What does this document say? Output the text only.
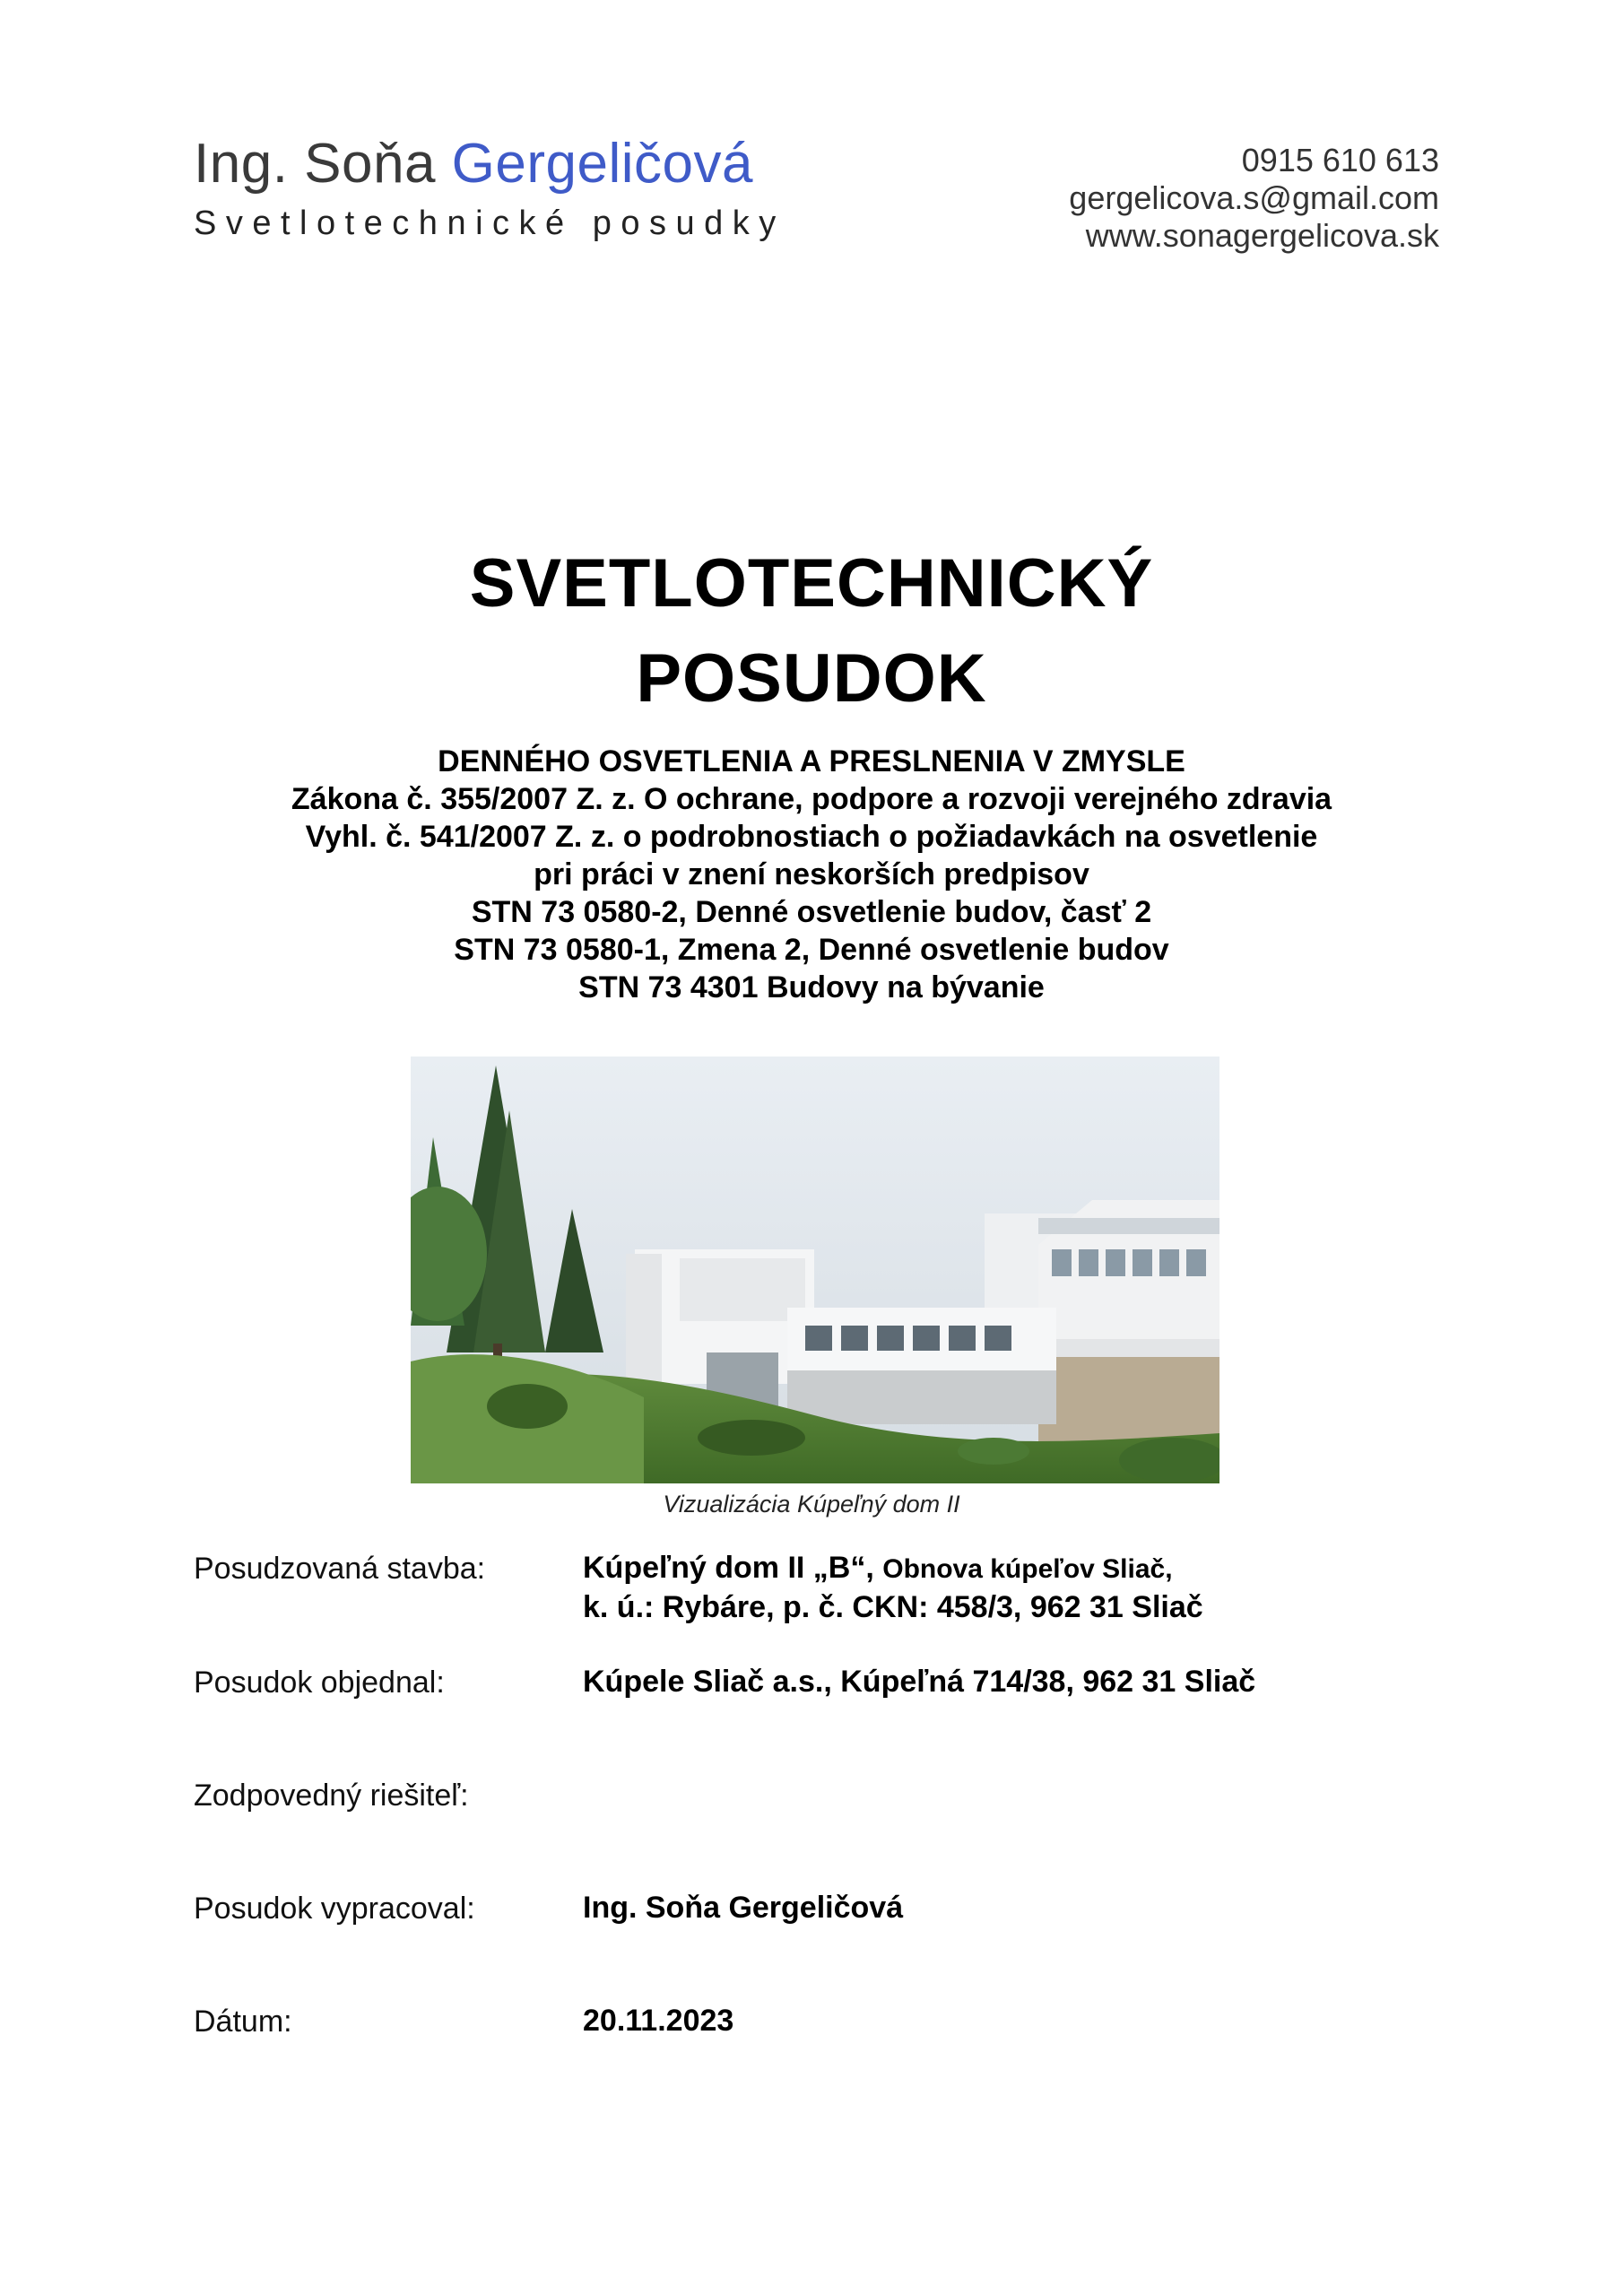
Ing. Soňa Gergeličová
Svetlotechnické posudky
0915 610 613
gergelicova.s@gmail.com
www.sonagergelicova.sk
SVETLOTECHNICKÝ
POSUDOK
DENNÉHO OSVETLENIA A PRESLNENIA V ZMYSLE
Zákona č. 355/2007 Z. z. O ochrane, podpore a rozvoji verejného zdravia
Vyhl. č. 541/2007 Z. z. o podrobnostiach o požiadavkách na osvetlenie
pri práci v znení neskorších predpisov
STN 73 0580-2, Denné osvetlenie budov, časť 2
STN 73 0580-1, Zmena 2, Denné osvetlenie budov
STN 73 4301 Budovy na bývanie
Vizualizácia Kúpeľný dom II
Posudzovaná stavba:	Kúpeľný dom II „B“, Obnova kúpeľov Sliač,
k. ú.: Rybáre, p. č. CKN: 458/3, 962 31 Sliač
Posudok objednal:	Kúpele Sliač a.s., Kúpeľná 714/38, 962 31 Sliač
Zodpovedný riešiteľ:
Posudok vypracoval:	Ing. Soňa Gergeličová
Dátum:	20.11.2023
